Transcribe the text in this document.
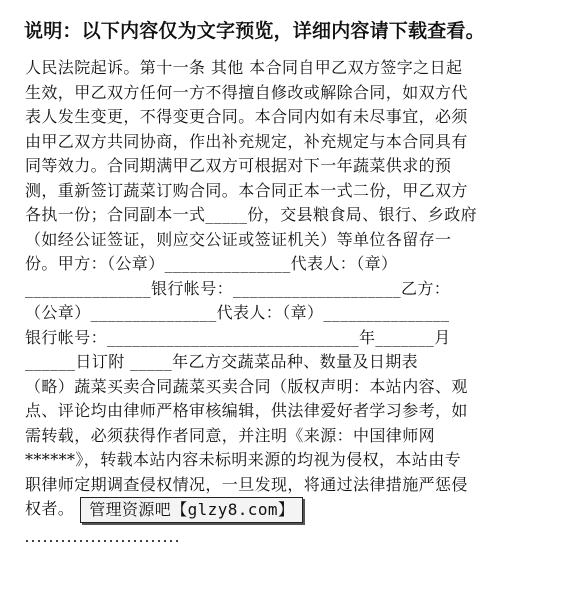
说明：以下内容仅为文字预览，详细内容请下载查看。
人民法院起诉。第十一条 其他 本合同自甲乙双方签字之日起
生效，甲乙双方任何一方不得擅自修改或解除合同，如双方代
表人发生变更，不得变更合同。本合同内如有未尽事宜，必须
由甲乙双方共同协商，作出补充规定，补充规定与本合同具有
同等效力。合同期满甲乙双方可根据对下一年蔬菜供求的预
测，重新签订蔬菜订购合同。本合同正本一式二份，甲乙双方
各执一份；合同副本一式_____份，交县粮食局、银行、乡政府
（如经公证签证，则应交公证或签证机关）等单位各留存一
份。甲方：（公章）_______________代表人：（章）
_______________银行帐号：____________________乙方：
（公章）_______________代表人：（章）_______________
银行帐号：______________________________年_______月
______日订附 _____年乙方交蔬菜品种、数量及日期表
（略）蔬菜买卖合同蔬菜买卖合同（版权声明：本站内容、观
点、评论均由律师严格审核编辑，供法律爱好者学习参考，如
需转载，必须获得作者同意，并注明《来源：中国律师网
******》，转载本站内容未标明来源的均视为侵权，本站由专
职律师定期调查侵权情况，一旦发现，将通过法律措施严惩侵
权者。 管理资源吧【glzy8.com】
